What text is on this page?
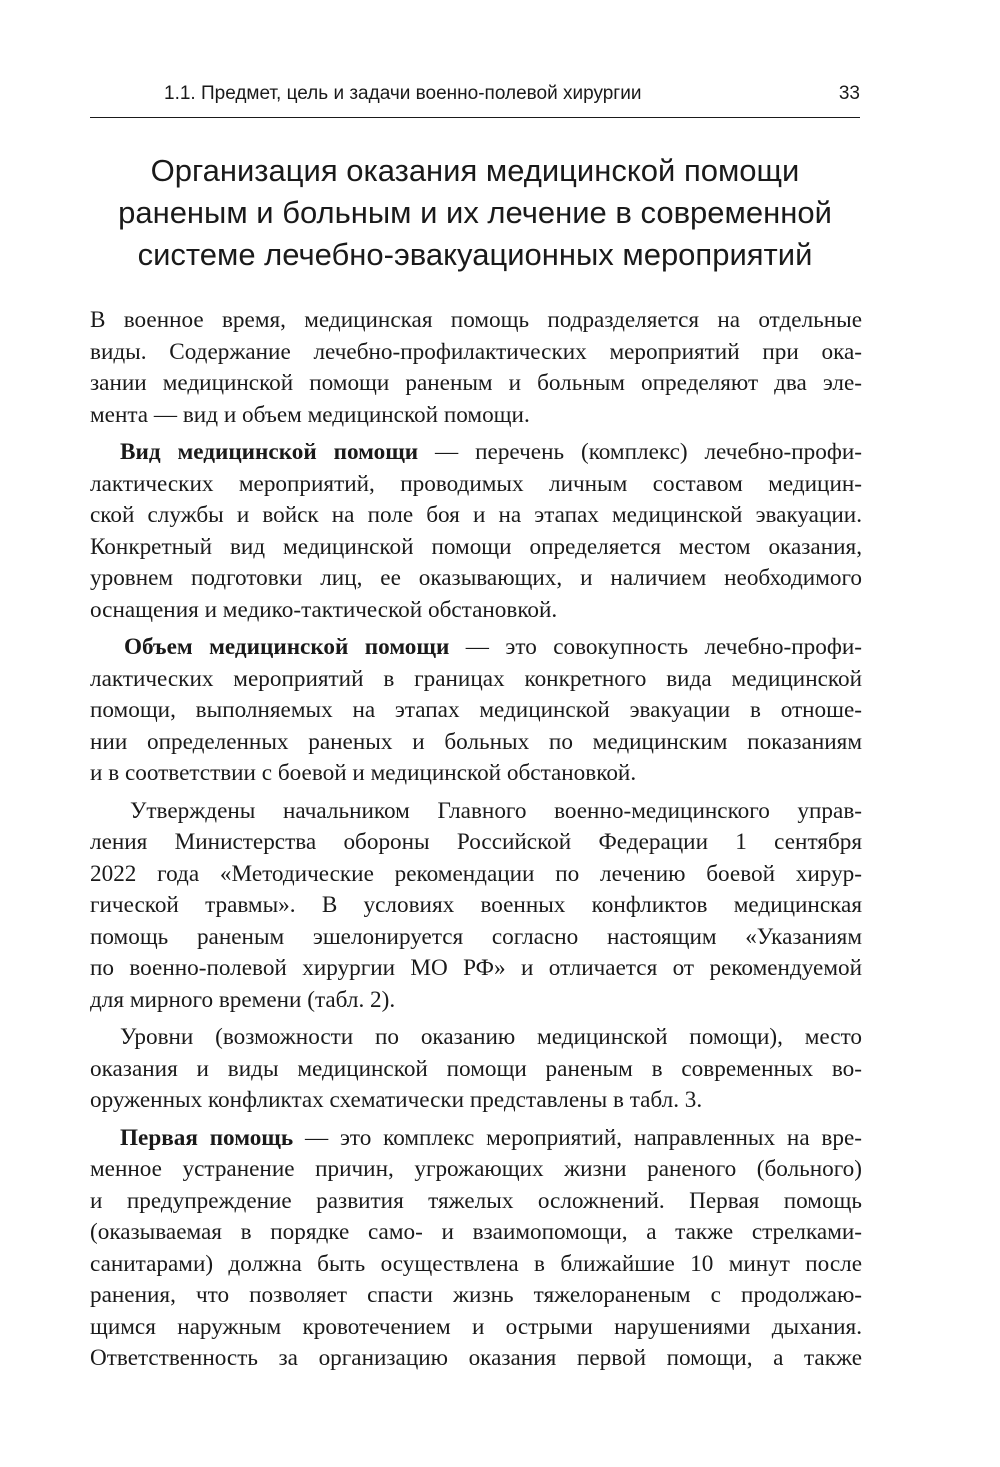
1.1. Предмет, цель и задачи военно-полевой хирургии	33
Организация оказания медицинской помощи
раненым и больным и их лечение в современной
системе лечебно-эвакуационных мероприятий

В военное время, медицинская помощь подразделяется на отдельные
виды. Содержание лечебно-профилактических мероприятий при ока-
зании медицинской помощи раненым и больным определяют два эле-
мента — вид и объем медицинской помощи.

Вид медицинской помощи — перечень (комплекс) лечебно-профи-
лактических мероприятий, проводимых личным составом медицин-
ской службы и войск на поле боя и на этапах медицинской эвакуации.
Конкретный вид медицинской помощи определяется местом оказания,
уровнем подготовки лиц, ее оказывающих, и наличием необходимого
оснащения и медико-тактической обстановкой.

Объем медицинской помощи — это совокупность лечебно-профи-
лактических мероприятий в границах конкретного вида медицинской
помощи, выполняемых на этапах медицинской эвакуации в отноше-
нии определенных раненых и больных по медицинским показаниям
и в соответствии с боевой и медицинской обстановкой.

Утверждены начальником Главного военно-медицинского управ-
ления Министерства обороны Российской Федерации 1 сентября
2022 года «Методические рекомендации по лечению боевой хирур-
гической травмы». В условиях военных конфликтов медицинская
помощь раненым эшелонируется согласно настоящим «Указаниям
по военно-полевой хирургии МО РФ» и отличается от рекомендуемой
для мирного времени (табл. 2).

Уровни (возможности по оказанию медицинской помощи), место
оказания и виды медицинской помощи раненым в современных во-
оруженных конфликтах схематически представлены в табл. 3.

Первая помощь — это комплекс мероприятий, направленных на вре-
менное устранение причин, угрожающих жизни раненого (больного)
и предупреждение развития тяжелых осложнений. Первая помощь
(оказываемая в порядке само- и взаимопомощи, а также стрелками-
санитарами) должна быть осуществлена в ближайшие 10 минут после
ранения, что позволяет спасти жизнь тяжелораненым с продолжаю-
щимся наружным кровотечением и острыми нарушениями дыхания.
Ответственность за организацию оказания первой помощи, а также
